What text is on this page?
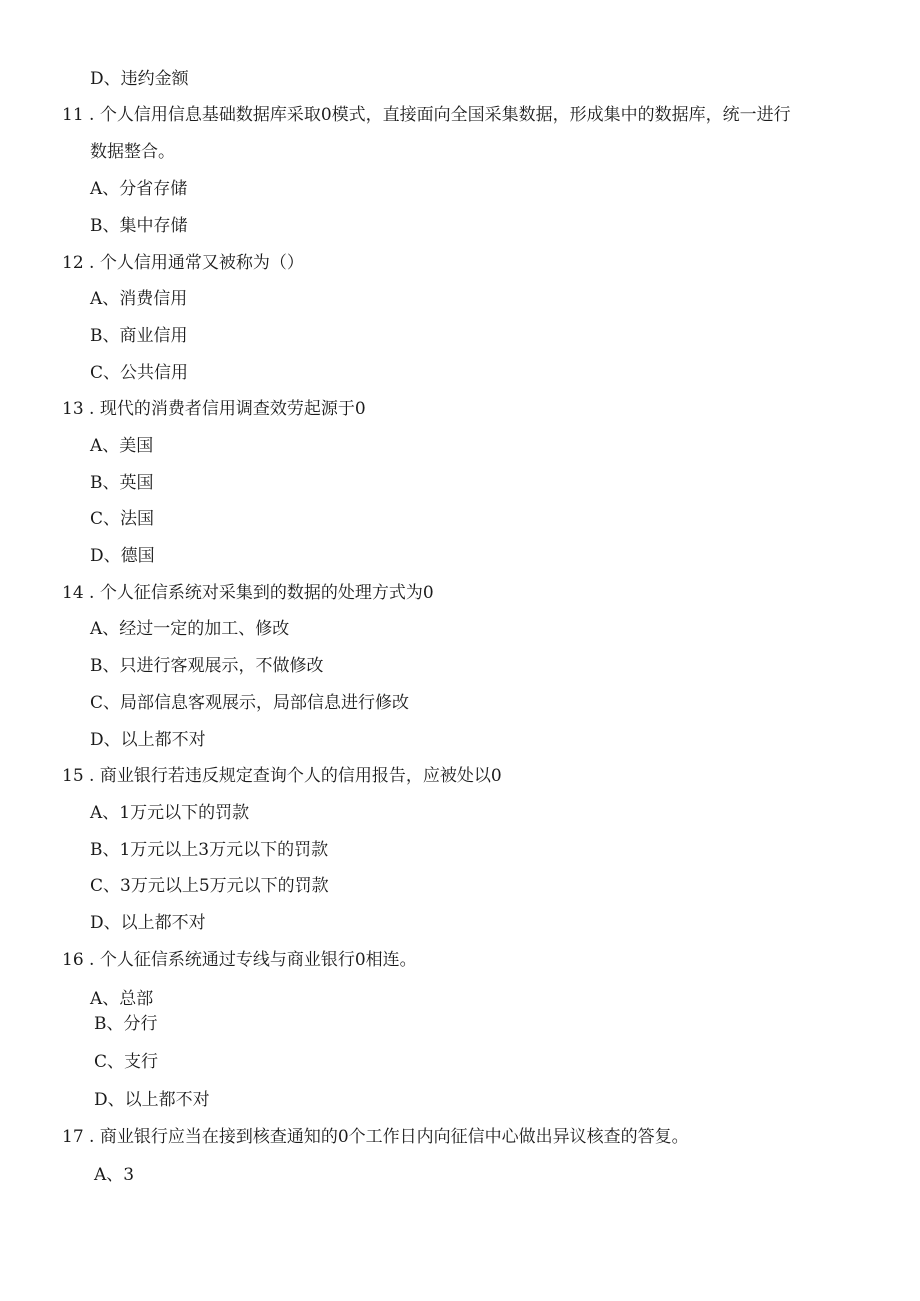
D、违约金额
11 . 个人信用信息基础数据库采取0模式，直接面向全国采集数据，形成集中的数据库，统一进行
数据整合。
A、分省存储
B、集中存储
12 . 个人信用通常又被称为（）
A、消费信用
B、商业信用
C、公共信用
13 . 现代的消费者信用调查效劳起源于0
A、美国
B、英国
C、法国
D、德国
14 . 个人征信系统对采集到的数据的处理方式为0
A、经过一定的加工、修改
B、只进行客观展示，不做修改
C、局部信息客观展示，局部信息进行修改
D、以上都不对
15 . 商业银行若违反规定查询个人的信用报告，应被处以0
A、1万元以下的罚款
B、1万元以上3万元以下的罚款
C、3万元以上5万元以下的罚款
D、以上都不对
16 . 个人征信系统通过专线与商业银行0相连。
A、总部
B、分行
C、支行
D、以上都不对
17 . 商业银行应当在接到核查通知的0个工作日内向征信中心做出异议核查的答复。
A、3
